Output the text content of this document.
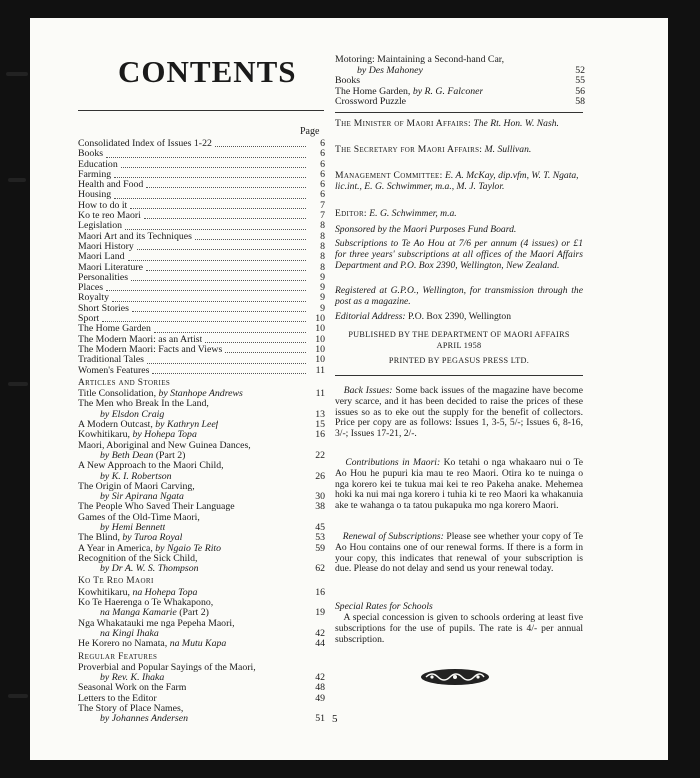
CONTENTS
Page
Consolidated Index of Issues 1-22	6
Books	6
Education	6
Farming	6
Health and Food	6
Housing	6
How to do it	7
Ko te reo Maori	7
Legislation	8
Maori Art and its Techniques	8
Maori History	8
Maori Land	8
Maori Literature	8
Personalities	9
Places	9
Royalty	9
Short Stories	9
Sport	10
The Home Garden	10
The Modern Maori: as an Artist	10
The Modern Maori: Facts and Views	10
Traditional Tales	10
Women's Features	11
Articles and Stories
Title Consolidation, by Stanhope Andrews	11
The Men who Break In the Land,
by Elsdon Craig	13
A Modern Outcast, by Kathryn Leef	15
Kowhitikaru, by Hohepa Topa	16
Maori, Aboriginal and New Guinea Dances,
by Beth Dean (Part 2)	22
A New Approach to the Maori Child,
by K. I. Robertson	26
The Origin of Maori Carving,
by Sir Apirana Ngata	30
The People Who Saved Their Language	38
Games of the Old-Time Maori,
by Hemi Bennett	45
The Blind, by Turoa Royal	53
A Year in America, by Ngaio Te Rito	59
Recognition of the Sick Child,
by Dr A. W. S. Thompson	62
Ko Te Reo Maori
Kowhitikaru, na Hohepa Topa	16
Ko Te Haerenga o Te Whakapono,
na Manga Kamarie (Part 2)	19
Nga Whakatauki me nga Pepeha Maori,
na Kingi Ihaka	42
He Korero no Namata, na Mutu Kapa	44
Regular Features
Proverbial and Popular Sayings of the Maori,
by Rev. K. Ihaka	42
Seasonal Work on the Farm	48
Letters to the Editor	49
The Story of Place Names,
by Johannes Andersen	51
Motoring: Maintaining a Second-hand Car,
by Des Mahoney	52
Books	55
The Home Garden, by R. G. Falconer	56
Crossword Puzzle	58
The Minister of Maori Affairs: The Rt. Hon. W. Nash.
The Secretary for Maori Affairs: M. Sullivan.
Management Committee: E. A. McKay, dip.vfm, W. T. Ngata, lic.int., E. G. Schwimmer, m.a., M. J. Taylor.
Editor: E. G. Schwimmer, m.a.
Sponsored by the Maori Purposes Fund Board.
Subscriptions to Te Ao Hou at 7/6 per annum (4 issues) or £1 for three years' subscriptions at all offices of the Maori Affairs Department and P.O. Box 2390, Wellington, New Zealand.
Registered at G.P.O., Wellington, for transmission through the post as a magazine.
Editorial Address: P.O. Box 2390, Wellington
PUBLISHED BY THE DEPARTMENT OF MAORI AFFAIRS
APRIL 1958
PRINTED BY PEGASUS PRESS LTD.
Back Issues: Some back issues of the magazine have become very scarce, and it has been decided to raise the prices of these issues so as to eke out the supply for the benefit of collectors. Price per copy are as follows: Issues 1, 3-5, 5/-; Issues 6, 8-16, 3/-; Issues 17-21, 2/-.
Contributions in Maori: Ko tetahi o nga whakaaro nui o Te Ao Hou he pupuri kia mau te reo Maori. Otira ko te nuinga o nga korero kei te tukua mai kei te reo Pakeha anake. Mehemea hoki ka nui mai nga korero i tuhia ki te reo Maori ka whakanuia ake te wahanga o ta tatou pukapuka mo nga korero Maori.
Renewal of Subscriptions: Please see whether your copy of Te Ao Hou contains one of our renewal forms. If there is a form in your copy, this indicates that renewal of your subscription is due. Please do not delay and send us your renewal today.
Special Rates for Schools
A special concession is given to schools ordering at least five subscriptions for the use of pupils. The rate is 4/- per annual subscription.
5
